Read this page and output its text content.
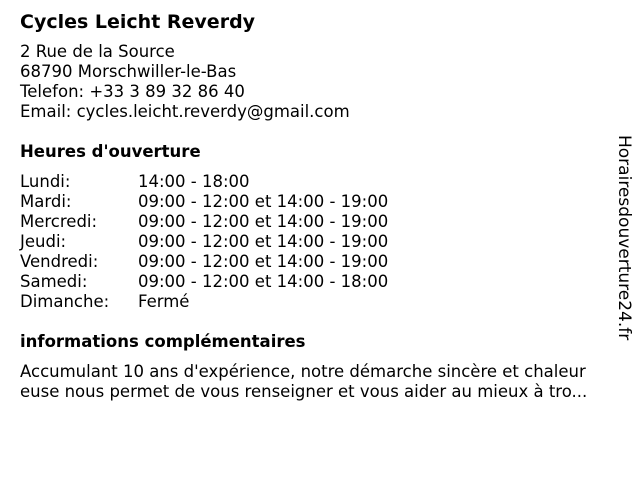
Cycles Leicht Reverdy
2 Rue de la Source
68790 Morschwiller-le-Bas
Telefon: +33 3 89 32 86 40
Email: cycles.leicht.reverdy@gmail.com
Heures d'ouverture
Lundi:	14:00 - 18:00
Mardi:	09:00 - 12:00 et 14:00 - 19:00
Mercredi:	09:00 - 12:00 et 14:00 - 19:00
Jeudi:	09:00 - 12:00 et 14:00 - 19:00
Vendredi:	09:00 - 12:00 et 14:00 - 19:00
Samedi:	09:00 - 12:00 et 14:00 - 18:00
Dimanche:	Fermé
informations complémentaires
Accumulant 10 ans d'expérience, notre démarche sincère et chaleur
euse nous permet de vous renseigner et vous aider au mieux à tro...
Horairesdouverture24.fr
